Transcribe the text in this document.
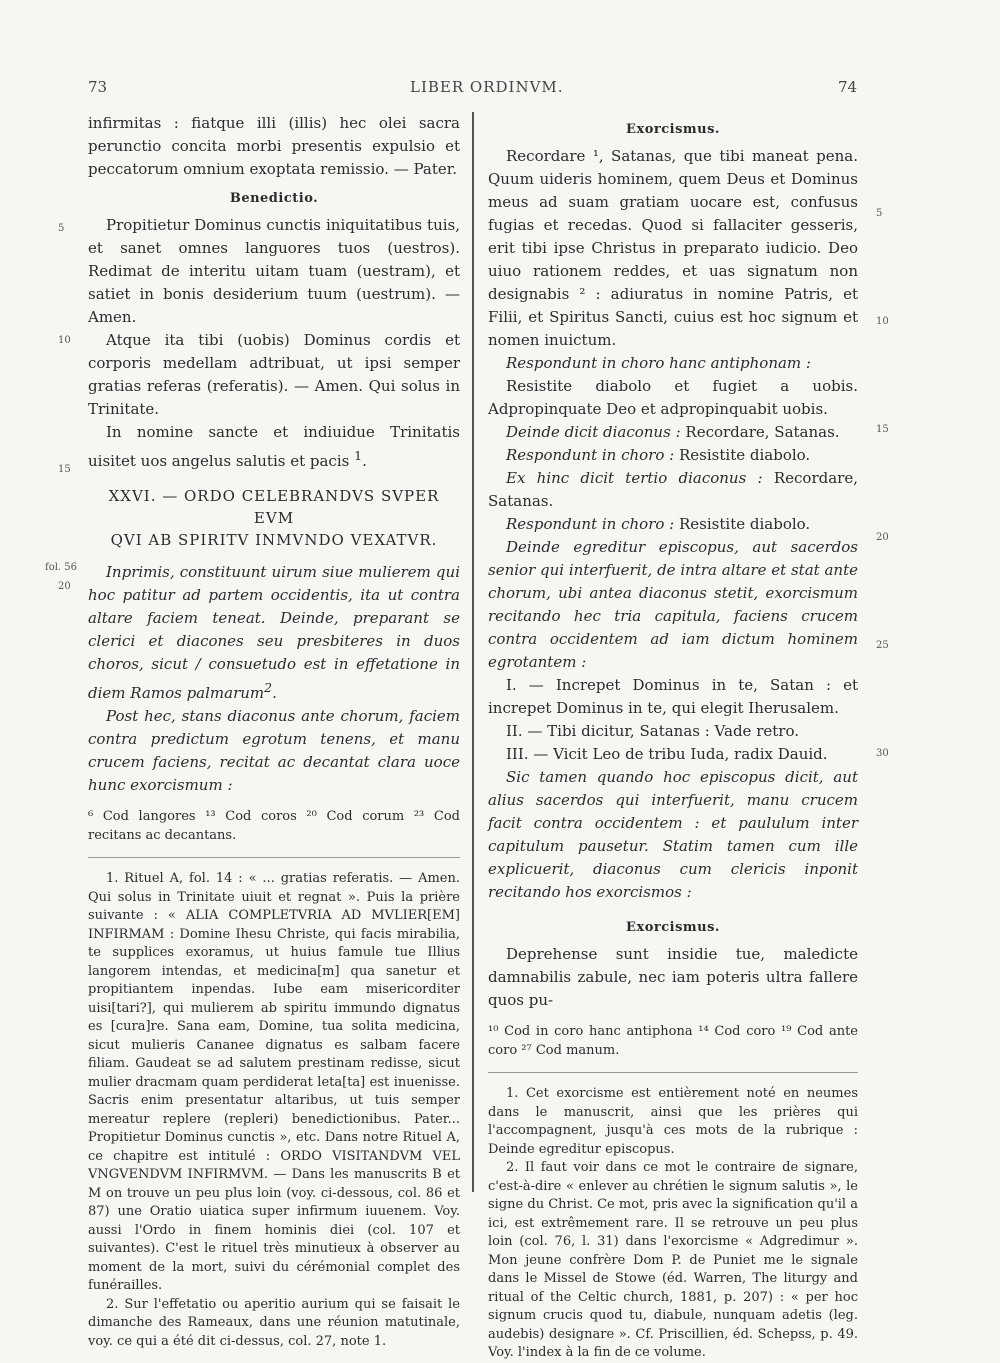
73	LIBER ORDINVM.	74
5
10
15
fol. 56
20
5
10
15
20
25
30

infirmitas : fiatque illi (illis) hec olei sacra perunctio concita morbi presentis expulsio et peccatorum omnium exoptata remissio. — Pater.

Benedictio.

Propitietur Dominus cunctis iniquitatibus tuis, et sanet omnes languores tuos (uestros). Redimat de interitu uitam tuam (uestram), et satiet in bonis desiderium tuum (uestrum). — Amen.

Atque ita tibi (uobis) Dominus cordis et corporis medellam adtribuat, ut ipsi semper gratias referas (referatis). — Amen. Qui solus in Trinitate.

In nomine sancte et indiuidue Trinitatis uisitet uos angelus salutis et pacis $^1$.

XXVI. — ORDO CELEBRANDVS SVPER EVM
QVI AB SPIRITV INMVNDO VEXATVR.

Inprimis, constituunt uirum siue mulierem qui hoc patitur ad partem occidentis, ita ut contra altare faciem teneat. Deinde, preparant se clerici et diacones seu presbiteres in duos choros, sicut / consuetudo est in effetatione in diem Ramos palmarum$^2$.

Post hec, stans diaconus ante chorum, faciem contra predictum egrotum tenens, et manu crucem faciens, recitat ac decantat clara uoce hunc exorcismum :

⁶ Cod langores ¹³ Cod coros ²⁰ Cod corum ²³ Cod recitans ac decantans.

1. Rituel A, fol. 14 : « ... gratias referatis. — Amen. Qui solus in Trinitate uiuit et regnat ». Puis la prière suivante : « ALIA COMPLETVRIA AD MVLIER[EM] INFIRMAM : Domine Ihesu Christe, qui facis mirabilia, te supplices exoramus, ut huius famule tue Illius langorem intendas, et medicina[m] qua sanetur et propitiantem inpendas. Iube eam misericorditer uisi[tari?], qui mulierem ab spiritu immundo dignatus es [cura]re. Sana eam, Domine, tua solita medicina, sicut mulieris Cananee dignatus es salbam facere filiam. Gaudeat se ad salutem prestinam redisse, sicut mulier dracmam quam perdiderat leta[ta] est inuenisse. Sacris enim presentatur altaribus, ut tuis semper mereatur replere (repleri) benedictionibus. Pater... Propitietur Dominus cunctis », etc. Dans notre Rituel A, ce chapitre est intitulé : ORDO VISITANDVM VEL VNGVENDVM INFIRMVM. — Dans les manuscrits B et M on trouve un peu plus loin (voy. ci-dessous, col. 86 et 87) une Oratio uiatica super infirmum iuuenem. Voy. aussi l'Ordo in finem hominis diei (col. 107 et suivantes). C'est le rituel très minutieux à observer au moment de la mort, suivi du cérémonial complet des funérailles.

2. Sur l'effetatio ou aperitio aurium qui se faisait le dimanche des Rameaux, dans une réunion matutinale, voy. ce qui a été dit ci-dessus, col. 27, note 1.

Exorcismus.

Recordare ¹, Satanas, que tibi maneat pena. Quum uideris hominem, quem Deus et Dominus meus ad suam gratiam uocare est, confusus fugias et recedas. Quod si fallaciter gesseris, erit tibi ipse Christus in preparato iudicio. Deo uiuo rationem reddes, et uas signatum non designabis ² : adiuratus in nomine Patris, et Filii, et Spiritus Sancti, cuius est hoc signum et nomen inuictum.

Respondunt in choro hanc antiphonam :

Resistite diabolo et fugiet a uobis. Adpropinquate Deo et adpropinquabit uobis.

Deinde dicit diaconus : Recordare, Satanas.

Respondunt in choro : Resistite diabolo.

Ex hinc dicit tertio diaconus : Recordare, Satanas.

Respondunt in choro : Resistite diabolo.

Deinde egreditur episcopus, aut sacerdos senior qui interfuerit, de intra altare et stat ante chorum, ubi antea diaconus stetit, exorcismum recitando hec tria capitula, faciens crucem contra occidentem ad iam dictum hominem egrotantem :

I. — Increpet Dominus in te, Satan : et increpet Dominus in te, qui elegit Iherusalem.

II. — Tibi dicitur, Satanas : Vade retro.

III. — Vicit Leo de tribu Iuda, radix Dauid.

Sic tamen quando hoc episcopus dicit, aut alius sacerdos qui interfuerit, manu crucem facit contra occidentem : et paululum inter capitulum pausetur. Statim tamen cum ille explicuerit, diaconus cum clericis inponit recitando hos exorcismos :

Exorcismus.

Deprehense sunt insidie tue, maledicte damnabilis zabule, nec iam poteris ultra fallere quos pu-

¹⁰ Cod in coro hanc antiphona ¹⁴ Cod coro ¹⁹ Cod ante coro ²⁷ Cod manum.

1. Cet exorcisme est entièrement noté en neumes dans le manuscrit, ainsi que les prières qui l'accompagnent, jusqu'à ces mots de la rubrique : Deinde egreditur episcopus.

2. Il faut voir dans ce mot le contraire de signare, c'est-à-dire « enlever au chrétien le signum salutis », le signe du Christ. Ce mot, pris avec la signification qu'il a ici, est extrêmement rare. Il se retrouve un peu plus loin (col. 76, l. 31) dans l'exorcisme « Adgredimur ». Mon jeune confrère Dom P. de Puniet me le signale dans le Missel de Stowe (éd. Warren, The liturgy and ritual of the Celtic church, 1881, p. 207) : « per hoc signum crucis quod tu, diabule, nunquam adetis (leg. audebis) designare ». Cf. Priscillien, éd. Schepss, p. 49. Voy. l'index à la fin de ce volume.
